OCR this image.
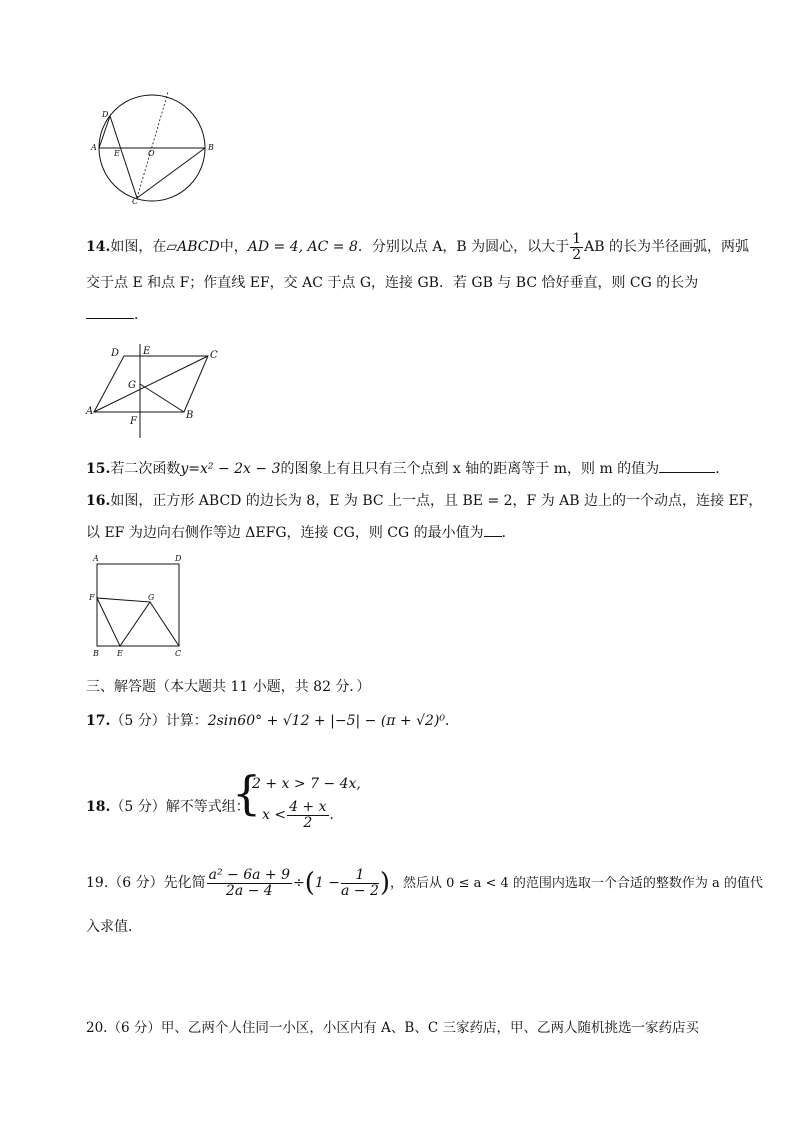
D
A
E	O
B
C
14.如图，在▱ABCD中，AD = 4, AC = 8．分别以点 A，B 为圆心，以大于 $\frac{1}{2}$ AB 的长为半径画弧，两弧
交于点 E 和点 F；作直线 EF，交 AC 于点 G，连接 GB．若 GB 与 BC 恰好垂直，则 CG 的长为
．
D E	C
G
A	B
F
15.若二次函数y=x² − 2x − 3的图象上有且只有三个点到 x 轴的距离等于 m，则 m 的值为	．
16.如图，正方形 ABCD 的边长为 8，E 为 BC 上一点，且 BE = 2，F 为 AB 边上的一个动点，连接 EF，
以 EF 为边向右侧作等边 ΔEFG，连接 CG，则 CG 的最小值为 ．
A	D
F	G
B E	C
三、解答题（本大题共 11 小题，共 82 分．）
17.（5 分）计算：2sin60° + √12 + |−5| − (π + √2)⁰．
18.（5 分）解不等式组：
{
2 + x > 7 − 4x,
$x < \frac{4 + x}{2}$ .
19.（6 分）先化简 $\frac{\text{a² − 6a + 9}}{2a - 4} \div(1 - \frac{1}{a - 2}$ )，然后从 0 ≤ a < 4 的范围内选取一个合适的整数作为 a 的值代
入求值．
20.（6 分）甲、乙两个人住同一小区，小区内有 A、B、C 三家药店，甲、乙两人随机挑选一家药店买
